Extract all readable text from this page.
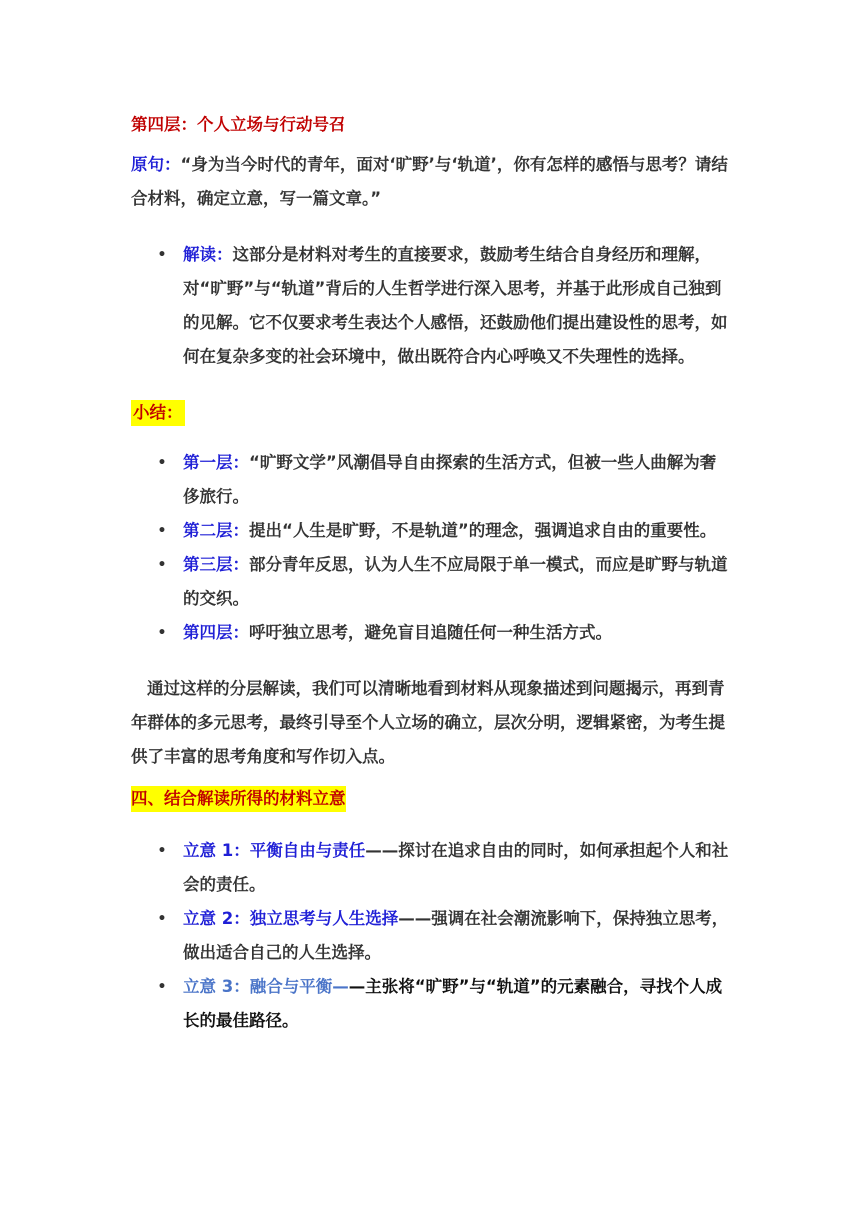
第四层：个人立场与行动号召

原句：“身为当今时代的青年，面对‘旷野’与‘轨道’，你有怎样的感悟与思考？请结合材料，确定立意，写一篇文章。”

• 解读：这部分是材料对考生的直接要求，鼓励考生结合自身经历和理解，对“旷野”与“轨道”背后的人生哲学进行深入思考，并基于此形成自己独到的见解。它不仅要求考生表达个人感悟，还鼓励他们提出建设性的思考，如何在复杂多变的社会环境中，做出既符合内心呼唤又不失理性的选择。

小结：

• 第一层：“旷野文学”风潮倡导自由探索的生活方式，但被一些人曲解为奢侈旅行。
• 第二层：提出“人生是旷野，不是轨道”的理念，强调追求自由的重要性。
• 第三层：部分青年反思，认为人生不应局限于单一模式，而应是旷野与轨道的交织。
• 第四层：呼吁独立思考，避免盲目追随任何一种生活方式。

通过这样的分层解读，我们可以清晰地看到材料从现象描述到问题揭示，再到青年群体的多元思考，最终引导至个人立场的确立，层次分明，逻辑紧密，为考生提供了丰富的思考角度和写作切入点。

四、结合解读所得的材料立意

• 立意 1：平衡自由与责任——探讨在追求自由的同时，如何承担起个人和社会的责任。
• 立意 2：独立思考与人生选择——强调在社会潮流影响下，保持独立思考，做出适合自己的人生选择。
• 立意 3：融合与平衡——主张将“旷野”与“轨道”的元素融合，寻找个人成长的最佳路径。
